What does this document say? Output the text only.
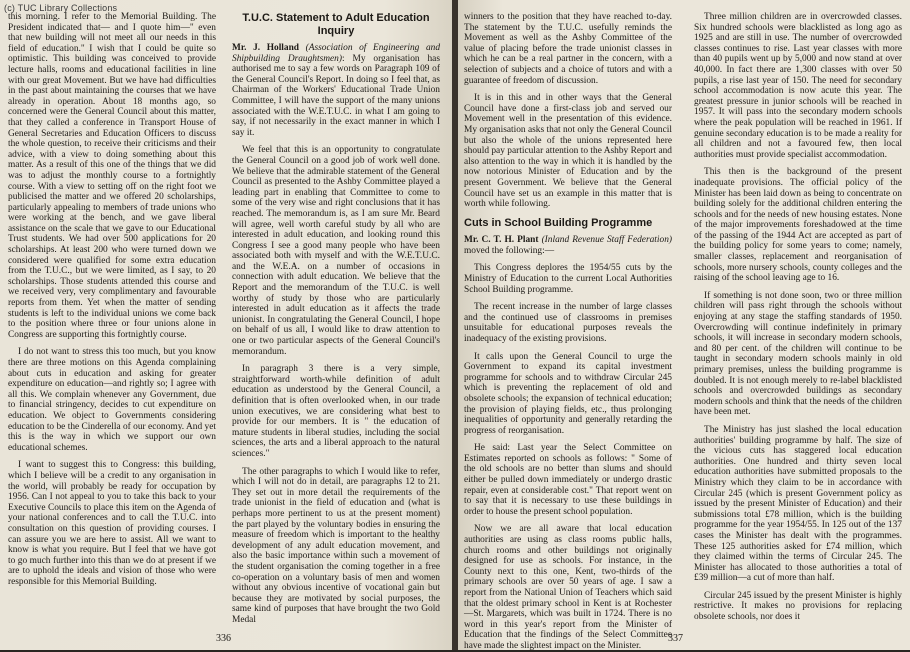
(c) TUC Library Collections

this morning. I refer to the Memorial Building. The President indicated that— and I quote him—" even that new building will not meet all our needs in this field of education." I wish that I could be quite so optimistic. This building was conceived to provide lecture halls, rooms and educational facilities in line with our great Movement. But we have had difficulties in the past about maintaining the courses that we have already in operation. About 18 months ago, so concerned were the General Council about this matter, that they called a conference in Transport House of General Secretaries and Education Officers to discuss the whole question, to receive their criticisms and their advice, with a view to doing something about this matter. As a result of this one of the things that we did was to adjust the monthly course to a fortnightly course. With a view to setting off on the right foot we publicised the matter and we offered 20 scholarships, particularly appealing to members of trade unions who were working at the bench, and we gave liberal assistance on the scale that we gave to our Educational Trust students. We had over 500 applications for 20 scholarships. At least 200 who were turned down we considered were qualified for some extra education from the T.U.C., but we were limited, as I say, to 20 scholarships. Those students attended this course and we received very, very complimentary and favourable reports from them. Yet when the matter of sending students is left to the individual unions we come back to the position where three or four unions alone in Congress are supporting this fortnightly course.

I do not want to stress this too much, but you know there are three motions on this Agenda complaining about cuts in education and asking for greater expenditure on education—and rightly so; I agree with all this. We complain whenever any Government, due to financial stringency, decides to cut expenditure on education. We object to Governments considering education to be the Cinderella of our economy. And yet this is the way in which we support our own educational schemes.

I want to suggest this to Congress: this building, which I believe will be a credit to any organisation in the world, will probably be ready for occupation by 1956. Can I not appeal to you to take this back to your Executive Councils to place this item on the Agenda of your national conferences and to call the T.U.C. into consultation on this question of providing courses. I can assure you we are here to assist. All we want to know is what you require. But I feel that we have got to go much further into this than we do at present if we are to uphold the ideals and vision of those who were responsible for this Memorial Building.

T.U.C. Statement to Adult Education Inquiry

Mr. J. Holland (Association of Engineering and Shipbuilding Draughtsmen): My organisation has authorised me to say a few words on Paragraph 109 of the General Council's Report. In doing so I feel that, as Chairman of the Workers' Educational Trade Union Committee, I will have the support of the many unions associated with the W.E.T.U.C. in what I am going to say, if not necessarily in the exact manner in which I say it.

We feel that this is an opportunity to congratulate the General Council on a good job of work well done. We believe that the admirable statement of the General Council as presented to the Ashby Committee played a leading part in enabling that Committee to come to some of the very wise and right conclusions that it has reached. The memorandum is, as I am sure Mr. Beard will agree, well worth careful study by all who are interested in adult education, and looking round this Congress I see a good many people who have been associated both with myself and with the W.E.T.U.C. and the W.E.A. on a number of occasions in connection with adult education. We believe that the Report and the memorandum of the T.U.C. is well worthy of study by those who are particularly interested in adult education as it affects the trade unionist. In congratulating the General Council, I hope on behalf of us all, I would like to draw attention to one or two particular aspects of the General Council's memorandum.

In paragraph 3 there is a very simple, straightforward worth-while definition of adult education as understood by the General Council, a definition that is often overlooked when, in our trade union executives, we are considering what best to provide for our members. It is " the education of mature students in liberal studies, including the social sciences, the arts and a liberal approach to the natural sciences."

The other paragraphs to which I would like to refer, which I will not do in detail, are paragraphs 12 to 21. They set out in more detail the requirements of the trade unionist in the field of education and (what is perhaps more pertinent to us at the present moment) the part played by the voluntary bodies in ensuring the measure of freedom which is important to the healthy development of any adult education movement, and also the basic importance within such a movement of the student organisation the coming together in a free co-operation on a voluntary basis of men and women without any obvious incentive of vocational gain but because they are motivated by social purposes, the same kind of purposes that have brought the two Gold Medal

336

winners to the position that they have reached to-day. The statement by the T.U.C. usefully reminds the Movement as well as the Ashby Committee of the value of placing before the trade unionist classes in which he can be a real partner in the concern, with a selection of subjects and a choice of tutors and with a guarantee of freedom of discussion.

It is in this and in other ways that the General Council have done a first-class job and served our Movement well in the presentation of this evidence. My organisation asks that not only the General Council but also the whole of the unions represented here should pay particular attention to the Ashby Report and also attention to the way in which it is handled by the now notorious Minister of Education and by the present Government. We believe that the General Council have set us an example in this matter that is worth while following.

Cuts in School Building Programme

Mr. C. T. H. Plant (Inland Revenue Staff Federation) moved the following:—

This Congress deplores the 1954/55 cuts by the Ministry of Education to the current Local Authorities School Building programme.

The recent increase in the number of large classes and the continued use of classrooms in premises unsuitable for educational purposes reveals the inadequacy of the existing provisions.

It calls upon the General Council to urge the Government to expand its capital investment programme for schools and to withdraw Circular 245 which is preventing the replacement of old and obsolete schools; the expansion of technical education; the provision of playing fields, etc., thus prolonging inequalities of opportunity and generally retarding the progress of reorganisation.

He said: Last year the Select Committee on Estimates reported on schools as follows: " Some of the old schools are no better than slums and should either be pulled down immediately or undergo drastic repair, even at considerable cost." That report went on to say that it is necessary to use these buildings in order to house the present school population.

Now we are all aware that local education authorities are using as class rooms public halls, church rooms and other buildings not originally designed for use as schools. For instance, in the County next to this one, Kent, two-thirds of the primary schools are over 50 years of age. I saw a report from the National Union of Teachers which said that the oldest primary school in Kent is at Rochester—St. Margarets, which was built in 1724. There is no word in this year's report from the Minister of Education that the findings of the Select Committee have made the slightest impact on the Minister.

Three million children are in overcrowded classes. Six hundred schools were blacklisted as long ago as 1925 and are still in use. The number of overcrowded classes continues to rise. Last year classes with more than 40 pupils went up by 5,000 and now stand at over 40,000. In fact there are 1,300 classes with over 50 pupils, a rise last year of 150. The need for secondary school accommodation is now acute this year. The greatest pressure in junior schools will be reached in 1957. It will pass into the secondary modern schools where the peak population will be reached in 1961. If genuine secondary education is to be made a reality for all children and not a favoured few, then local authorities must provide specialist accommodation.

This then is the background of the present inadequate provisions. The official policy of the Minister has been laid down as being to concentrate on building solely for the additional children entering the schools and for the needs of new housing estates. None of the major improvements foreshadowed at the time of the passing of the 1944 Act are accepted as part of the building policy for some years to come; namely, smaller classes, replacement and reorganisation of schools, more nursery schools, county colleges and the raising of the school leaving age to 16.

If something is not done soon, two or three million children will pass right through the schools without enjoying at any stage the staffing standards of 1950. Overcrowding will continue indefinitely in primary schools, it will increase in secondary modern schools, and 80 per cent. of the children will continue to be taught in secondary modern schools mainly in old primary premises, unless the building programme is doubled. It is not enough merely to re-label blacklisted schools and overcrowded buildings as secondary modern schools and think that the needs of the children have been met.

The Ministry has just slashed the local education authorities' building programme by half. The size of the vicious cuts has staggered local education authorities. One hundred and thirty seven local education authorities have submitted proposals to the Ministry which they claim to be in accordance with Circular 245 (which is present Government policy as issued by the present Minister of Education) and their submissions total £78 million, which is the building programme for the year 1954/55. In 125 out of the 137 cases the Minister has dealt with the programmes. These 125 authorities asked for £74 million, which they claimed within the terms of Circular 245. The Minister has allocated to those authorities a total of £39 million—a cut of more than half.

Circular 245 issued by the present Minister is highly restrictive. It makes no provisions for replacing obsolete schools, nor does it

337
